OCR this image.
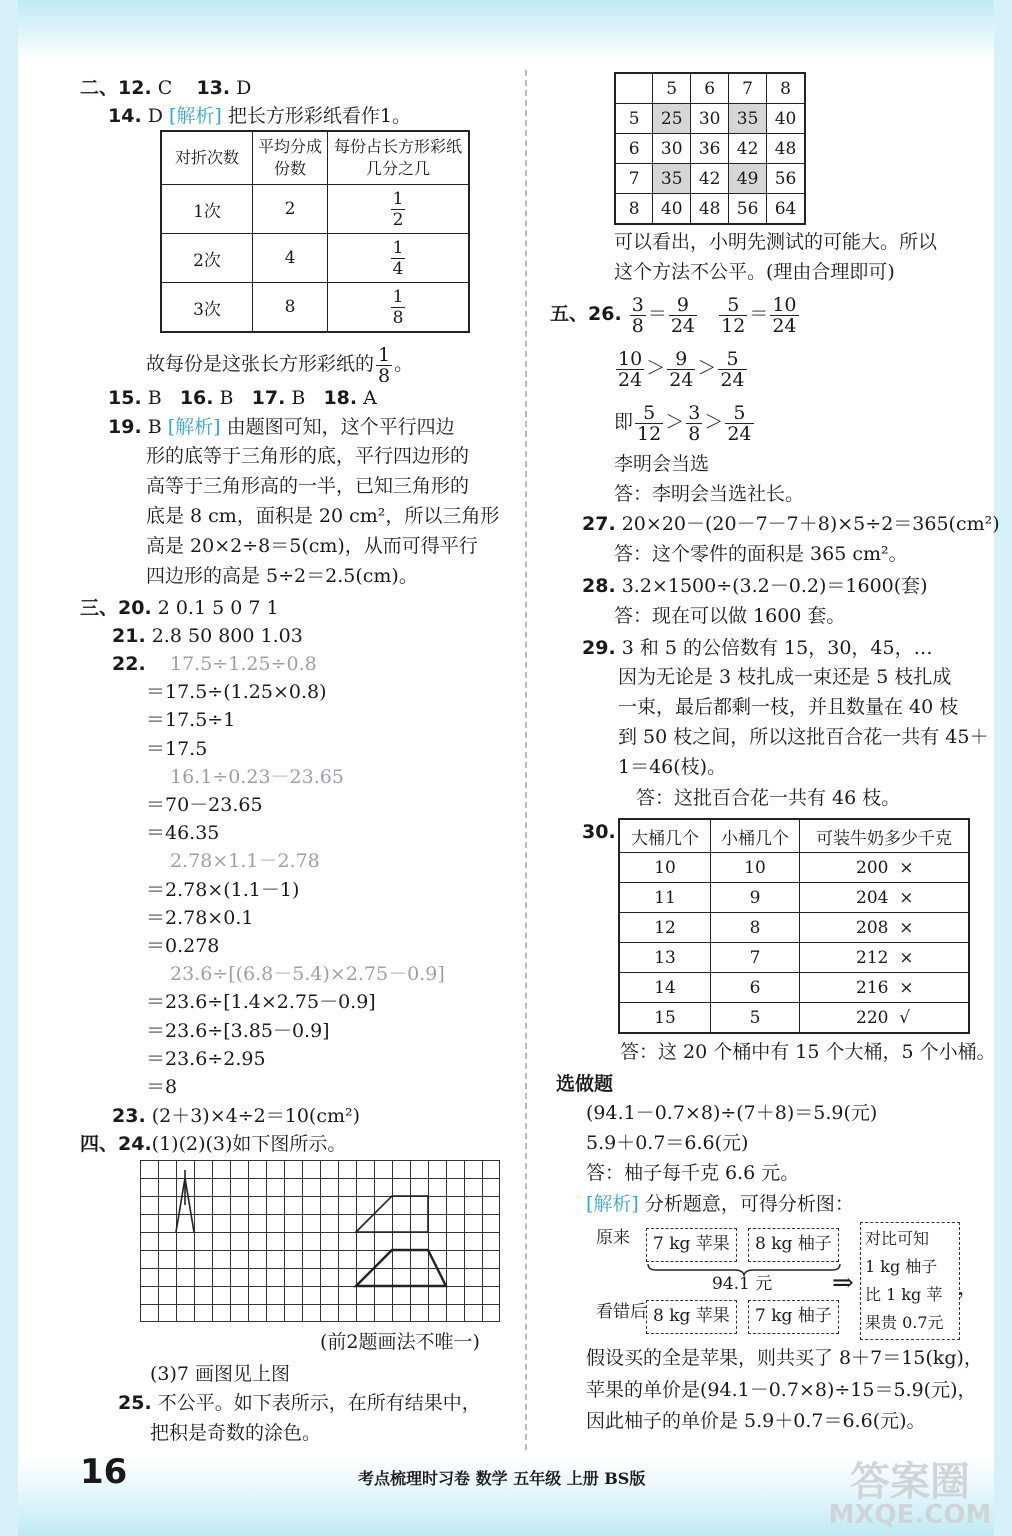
二、12. C 13. D
14. D [解析] 把长方形彩纸看作1。
对折次数	平均分成份数	每份占长方形彩纸几分之几
1次	2	$\frac{1}{2}$

2次	4	$\frac{1}{4}$

3次	8	$\frac{1}{8}$
故每份是这张长方形彩纸的 $\frac{1}{8}$ 。
15. B 16. B 17. B 18. A
19. B [解析] 由题图可知，这个平行四边
形的底等于三角形的底，平行四边形的
高等于三角形高的一半，已知三角形的
底是 8 cm，面积是 20 cm²，所以三角形
高是 20×2÷8＝5(cm)，从而可得平行
四边形的高是 5÷2＝2.5(cm)。
三、20. 2 0.1 5 0 7 1
21. 2.8 50 800 1.03
22. 17.5÷1.25÷0.8
＝17.5÷(1.25×0.8)
＝17.5÷1
＝17.5
16.1÷0.23－23.65
＝70－23.65
＝46.35
2.78×1.1－2.78
＝2.78×(1.1－1)
＝2.78×0.1
＝0.278
23.6÷[(6.8－5.4)×2.75－0.9]
＝23.6÷[1.4×2.75－0.9]
＝23.6÷[3.85－0.9]
＝23.6÷2.95
＝8
23. (2＋3)×4÷2＝10(cm²)
四、24.(1)(2)(3)如下图所示。
(前2题画法不唯一)
(3)7 画图见上图
25. 不公平。如下表所示，在所有结果中，
把积是奇数的涂色。
	5	6	7	8
5	25	30	35	40
6	30	36	42	48
7	35	42	49	56
8	40	48	56	64
可以看出，小明先测试的可能大。所以
这个方法不公平。(理由合理即可)
五、26. $\frac{3}{8} = \frac{9}{24}$
$\frac{5}{12} = \frac{10}{24}$
$\frac{10}{24} > \frac{9}{24} > \frac{5}{24}$
即 $\frac{5}{12} > \frac{3}{8} > \frac{5}{24}$
李明会当选
答：李明会当选社长。
27. 20×20－(20－7－7＋8)×5÷2＝365(cm²)
答：这个零件的面积是 365 cm²。
28. 3.2×1500÷(3.2－0.2)＝1600(套)
答：现在可以做 1600 套。
29. 3 和 5 的公倍数有 15，30，45，…
因为无论是 3 枝扎成一束还是 5 枝扎成
一束，最后都剩一枝，并且数量在 40 枝
到 50 枝之间，所以这批百合花一共有 45＋
1＝46(枝)。
答：这批百合花一共有 46 枝。
30. 大桶几个	小桶几个	可装牛奶多少千克
10	10	200 ×
11	9	204 ×
12	8	208 ×
13	7	212 ×
14	6	216 ×
15	5	220 √
答：这 20 个桶中有 15 个大桶，5 个小桶。
选做题
(94.1－0.7×8)÷(7＋8)＝5.9(元)
5.9＋0.7＝6.6(元)
答：柚子每千克 6.6 元。
[解析] 分析题意，可得分析图：
原来	7 kg 苹果	8 kg 柚子
94.1 元 ⇒
看错后 8 kg 苹果	7 kg 柚子
对比可知
1 kg 柚子
比 1 kg 苹
果贵 0.7元
，
假设买的全是苹果，则共买了 8＋7＝15(kg)，
苹果的单价是(94.1－0.7×8)÷15＝5.9(元)，
因此柚子的单价是 5.9＋0.7＝6.6(元)。
16	考点梳理时习卷 数学 五年级 上册 BS版	答案圈
MXQE.COM
